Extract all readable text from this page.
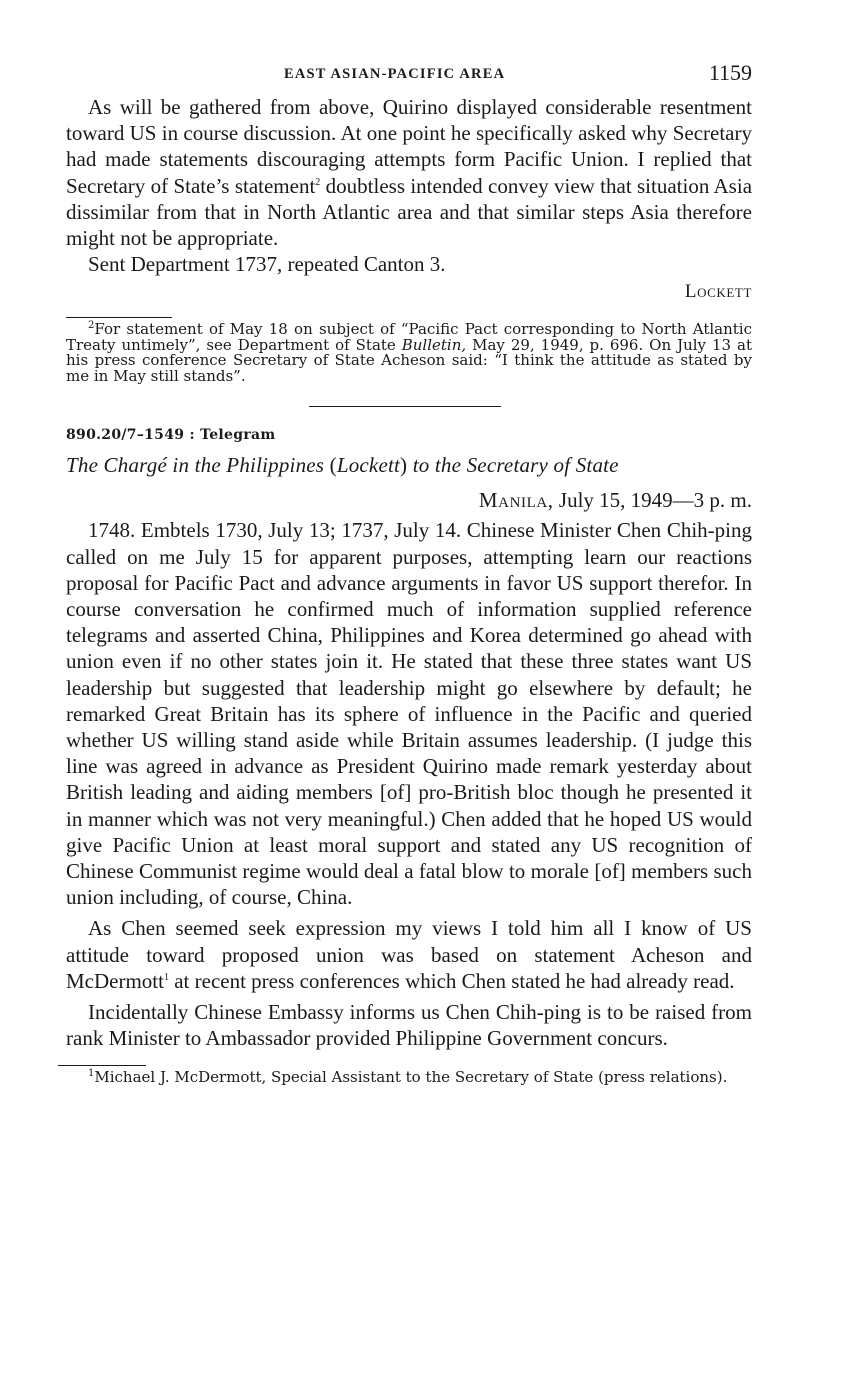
EAST ASIAN-PACIFIC AREA	1159

As will be gathered from above, Quirino displayed considerable resentment toward US in course discussion. At one point he specifically asked why Secretary had made statements discouraging attempts form Pacific Union. I replied that Secretary of State’s statement$^2$ doubtless intended convey view that situation Asia dissimilar from that in North Atlantic area and that similar steps Asia therefore might not be appropriate.

Sent Department 1737, repeated Canton 3.

Lockett

$^2$For statement of May 18 on subject of “Pacific Pact corresponding to North Atlantic Treaty untimely”, see Department of State Bulletin, May 29, 1949, p. 696. On July 13 at his press conference Secretary of State Acheson said: “I think the attitude as stated by me in May still stands”.

890.20/7–1549 : Telegram

The Chargé in the Philippines (Lockett) to the Secretary of State

Manila, July 15, 1949—3 p. m.

1748. Embtels 1730, July 13; 1737, July 14. Chinese Minister Chen Chih-ping called on me July 15 for apparent purposes, attempting learn our reactions proposal for Pacific Pact and advance arguments in favor US support therefor. In course conversation he confirmed much of information supplied reference telegrams and asserted China, Philippines and Korea determined go ahead with union even if no other states join it. He stated that these three states want US leadership but suggested that leadership might go elsewhere by default; he remarked Great Britain has its sphere of influence in the Pacific and queried whether US willing stand aside while Britain assumes leadership. (I judge this line was agreed in advance as President Quirino made remark yesterday about British leading and aiding members [of] pro-British bloc though he presented it in manner which was not very meaningful.) Chen added that he hoped US would give Pacific Union at least moral support and stated any US recognition of Chinese Communist regime would deal a fatal blow to morale [of] members such union including, of course, China.

As Chen seemed seek expression my views I told him all I know of US attitude toward proposed union was based on statement Acheson and McDermott$^1$ at recent press conferences which Chen stated he had already read.

Incidentally Chinese Embassy informs us Chen Chih-ping is to be raised from rank Minister to Ambassador provided Philippine Government concurs.

$^1$Michael J. McDermott, Special Assistant to the Secretary of State (press relations).
